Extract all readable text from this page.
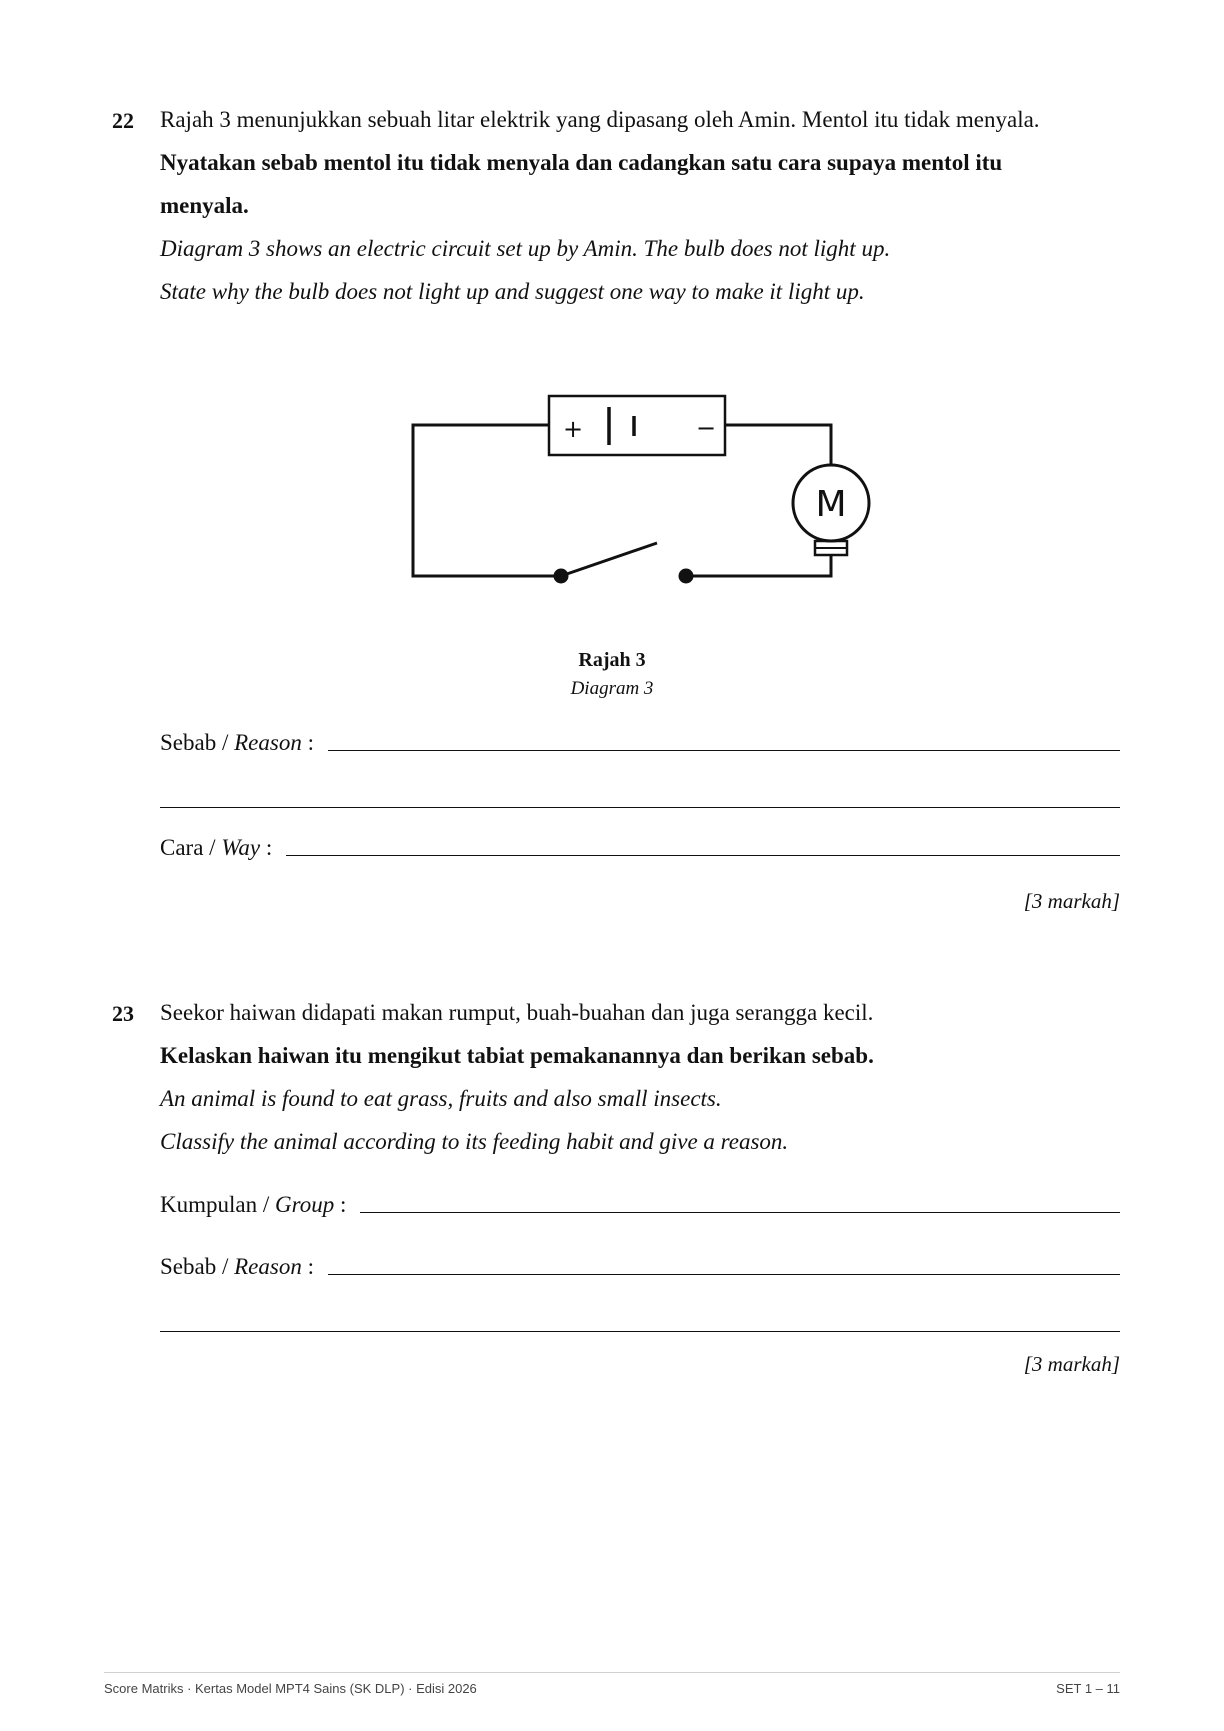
22 Rajah 3 menunjukkan sebuah litar elektrik yang dipasang oleh Amin. Mentol itu tidak menyala.
Nyatakan sebab mentol itu tidak menyala dan cadangkan satu cara supaya mentol itu
menyala.
Diagram 3 shows an electric circuit set up by Amin. The bulb does not light up.
State why the bulb does not light up and suggest one way to make it light up.
+	−
M
Rajah 3
Diagram 3
Sebab / Reason :
Cara / Way :
[3 markah]
23 Seekor haiwan didapati makan rumput, buah-buahan dan juga serangga kecil.
Kelaskan haiwan itu mengikut tabiat pemakanannya dan berikan sebab.
An animal is found to eat grass, fruits and also small insects.
Classify the animal according to its feeding habit and give a reason.
Kumpulan / Group :
Sebab / Reason :
[3 markah]
Score Matriks · Kertas Model MPT4 Sains (SK DLP) · Edisi 2026	SET 1 – 11
